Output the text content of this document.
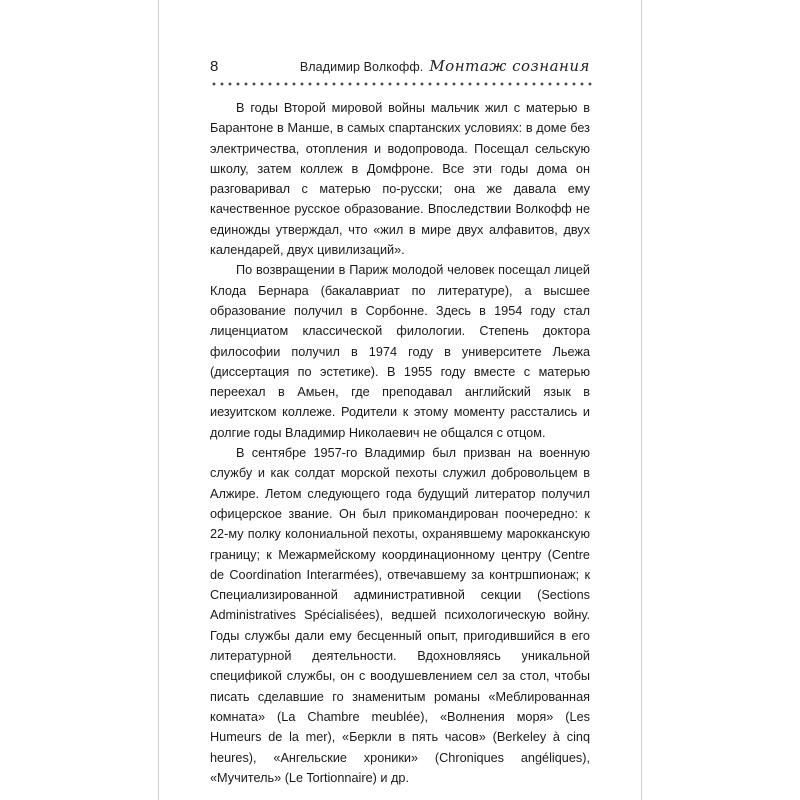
8	Владимир Волкофф. Монтаж сознания

В годы Второй мировой войны мальчик жил с матерью в Барантоне в Манше, в самых спартанских условиях: в доме без электричества, отопления и водопровода. Посещал сельскую школу, затем коллеж в Домфроне. Все эти годы дома он разговаривал с матерью по-русски; она же давала ему качественное русское образование. Впоследствии Волкофф не единожды утверждал, что «жил в мире двух алфавитов, двух календарей, двух цивилизаций».

По возвращении в Париж молодой человек посещал лицей Клода Бернара (бакалавриат по литературе), а высшее образование получил в Сорбонне. Здесь в 1954 году стал лиценциатом классической филологии. Степень доктора философии получил в 1974 году в университете Льежа (диссертация по эстетике). В 1955 году вместе с матерью переехал в Амьен, где преподавал английский язык в иезуитском коллеже. Родители к этому моменту расстались и долгие годы Владимир Николаевич не общался с отцом.

В сентябре 1957-го Владимир был призван на военную службу и как солдат морской пехоты служил добровольцем в Алжире. Летом следующего года будущий литератор получил офицерское звание. Он был прикомандирован поочередно: к 22-му полку колониальной пехоты, охранявшему марокканскую границу; к Межармейскому координационному центру (Centre de Coordination Interarmées), отвечавшему за контршпионаж; к Специализированной административной секции (Sections Administratives Spécialisées), ведшей психологическую войну. Годы службы дали ему бесценный опыт, пригодившийся в его литературной деятельности. Вдохновляясь уникальной спецификой службы, он с воодушевлением сел за стол, чтобы писать сделавшие го знаменитым романы «Меблированная комната» (La Chambre meublée), «Волнения моря» (Les Humeurs de la mer), «Беркли в пять часов» (Berkeley à cinq heures), «Ангельские хроники» (Chroniques angéliques), «Мучитель» (Le Tortionnaire) и др.
